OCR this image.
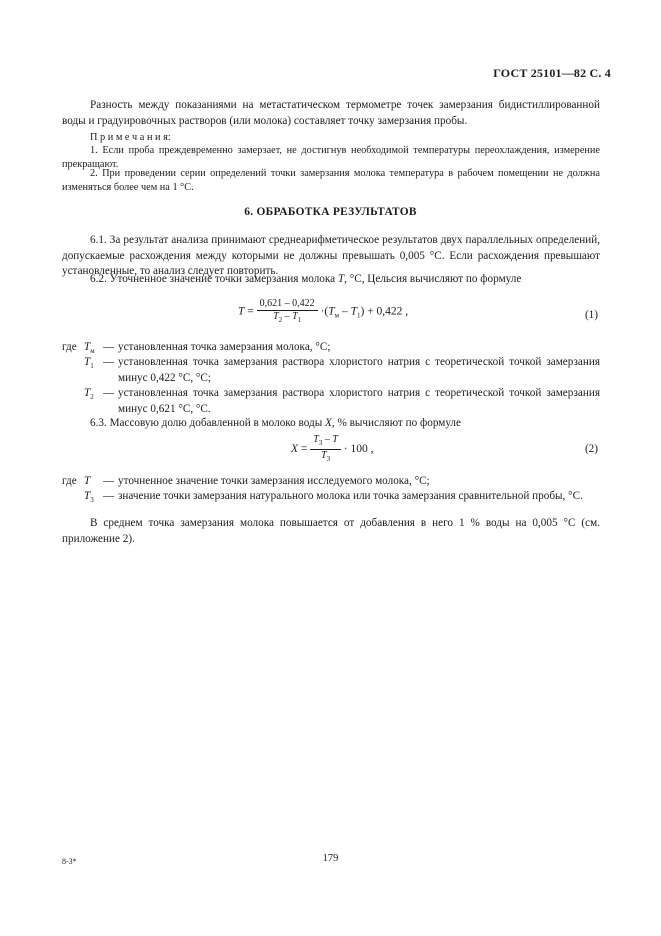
ГОСТ 25101—82 С. 4
Разность между показаниями на метастатическом термометре точек замерзания бидистиллированной воды и градуировочных растворов (или молока) составляет точку замерзания пробы.
П р и м е ч а н и я:
1. Если проба преждевременно замерзает, не достигнув необходимой температуры переохлаждения, измерение прекращают.
2. При проведении серии определений точки замерзания молока температура в рабочем помещении не должна изменяться более чем на 1 °С.
6. ОБРАБОТКА РЕЗУЛЬТАТОВ
6.1. За результат анализа принимают среднеарифметическое результатов двух параллельных определений, допускаемые расхождения между которыми не должны превышать 0,005 °С. Если расхождения превышают установленные, то анализ следует повторить.
6.2. Уточненное значение точки замерзания молока T, °С, Цельсия вычисляют по формуле
$T = \frac{0,621 - 0,422}{T_2 - T_1} \cdot(T_м - T_1) + 0,422$ ,	(1)
где $T_м$ — установленная точка замерзания молока, °С;
$T_1$ — установленная точка замерзания раствора хлористого натрия с теоретической точкой замерзания минус 0,422 °С, °С;
$T_2$ — установленная точка замерзания раствора хлористого натрия с теоретической точкой замерзания минус 0,621 °С, °С.
6.3. Массовую долю добавленной в молоко воды X, % вычисляют по формуле
$X = \frac{T_3 - T}{T_3} \cdot 100$ ,	(2)
где T — уточненное значение точки замерзания исследуемого молока, °С;
$T_3$ — значение точки замерзания натурального молока или точка замерзания сравнительной пробы, °С.
В среднем точка замерзания молока повышается от добавления в него 1 % воды на 0,005 °С (см. приложение 2).
8-3*	179
